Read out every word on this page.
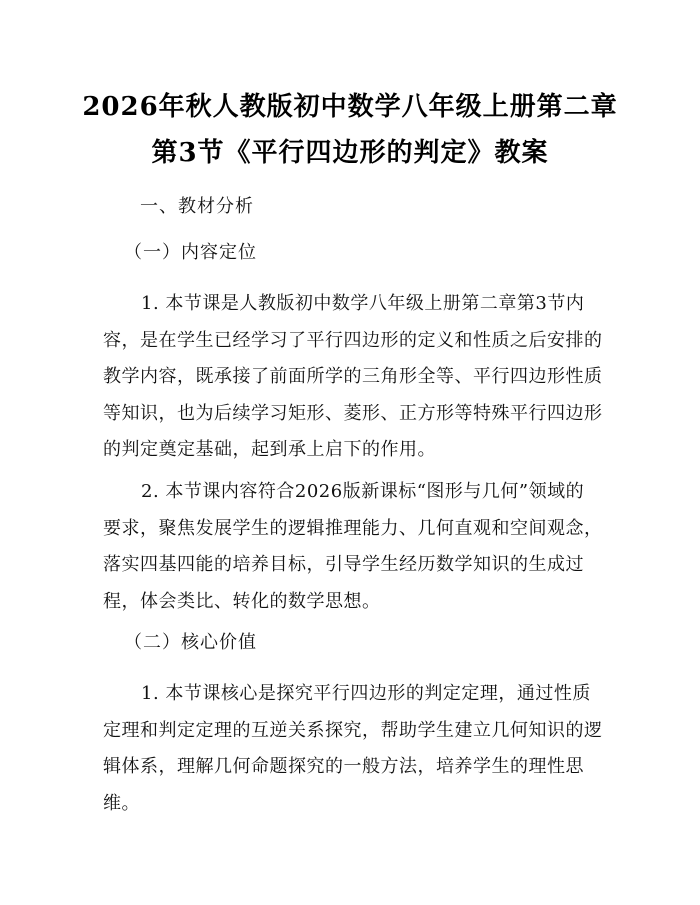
2026年秋人教版初中数学八年级上册第二章
第3节《平行四边形的判定》教案
一、教材分析
（一）内容定位
1. 本节课是人教版初中数学八年级上册第二章第3节内
容，是在学生已经学习了平行四边形的定义和性质之后安排的
教学内容，既承接了前面所学的三角形全等、平行四边形性质
等知识，也为后续学习矩形、菱形、正方形等特殊平行四边形
的判定奠定基础，起到承上启下的作用。
2. 本节课内容符合2026版新课标“图形与几何”领域的
要求，聚焦发展学生的逻辑推理能力、几何直观和空间观念，
落实四基四能的培养目标，引导学生经历数学知识的生成过
程，体会类比、转化的数学思想。
（二）核心价值
1. 本节课核心是探究平行四边形的判定定理，通过性质
定理和判定定理的互逆关系探究，帮助学生建立几何知识的逻
辑体系，理解几何命题探究的一般方法，培养学生的理性思
维。
